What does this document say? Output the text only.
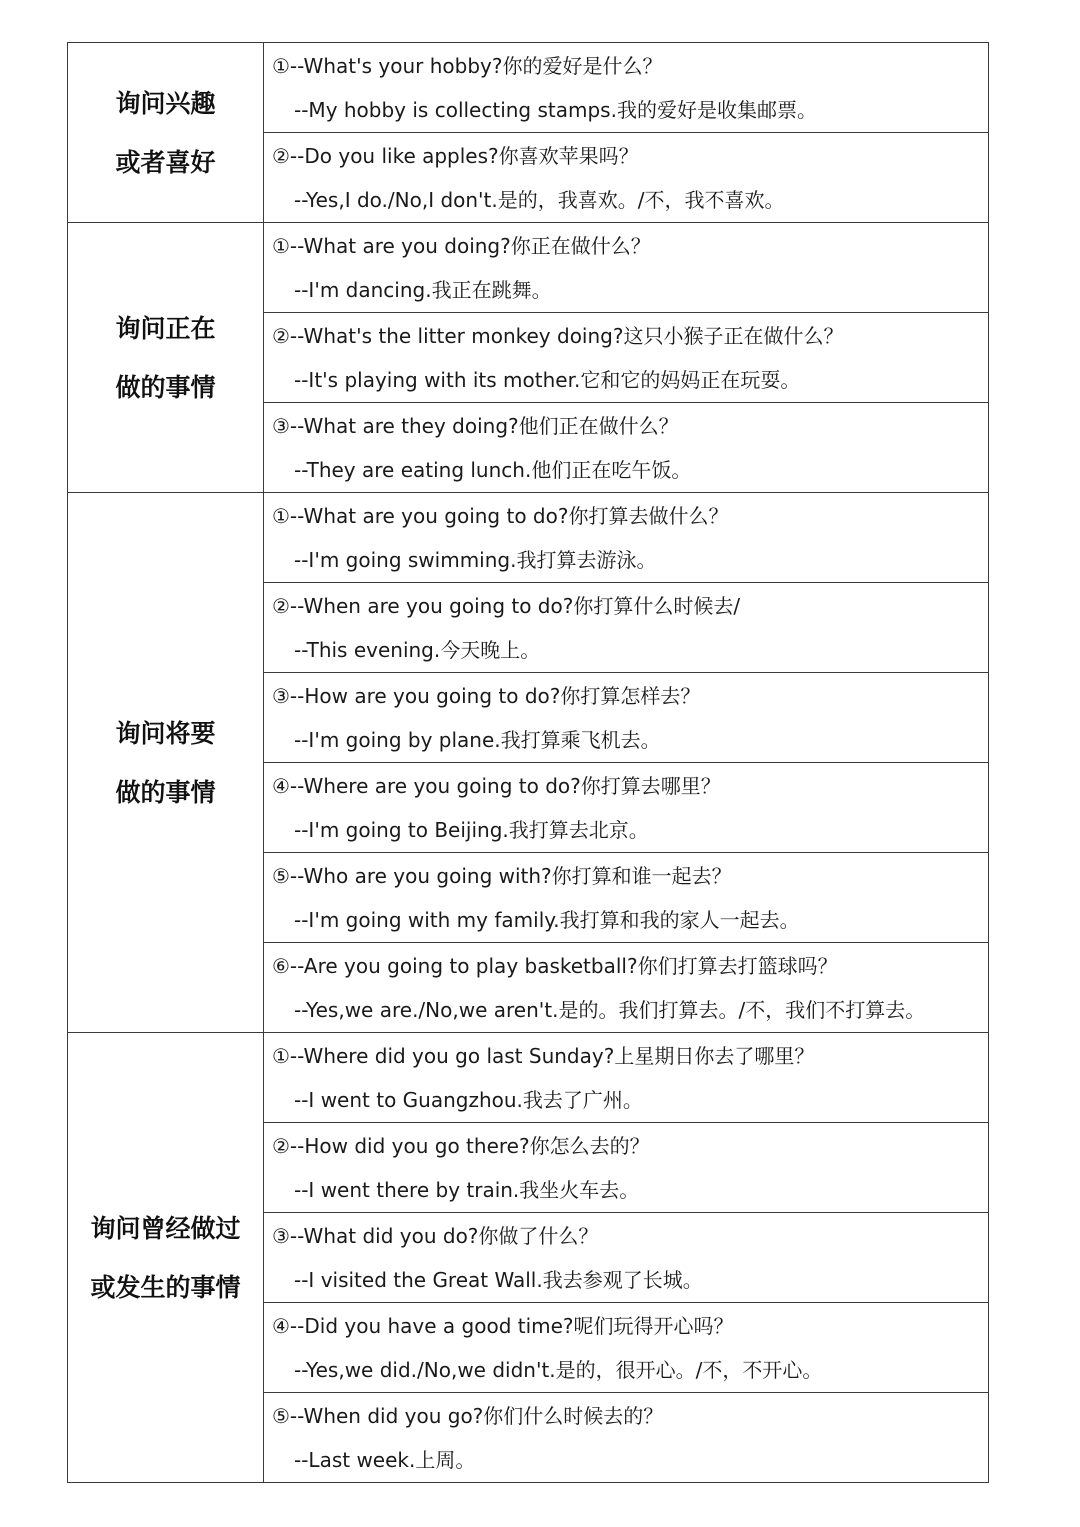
询问兴趣
或者喜好	①--What's your hobby?你的爱好是什么？
--My hobby is collecting stamps.我的爱好是收集邮票。

	②--Do you like apples?你喜欢苹果吗？
--Yes,I do./No,I don't.是的，我喜欢。/不，我不喜欢。

询问正在
做的事情	①--What are you doing?你正在做什么？
--I'm dancing.我正在跳舞。

	②--What's the litter monkey doing?这只小猴子正在做什么？
--It's playing with its mother.它和它的妈妈正在玩耍。

	③--What are they doing?他们正在做什么？
--They are eating lunch.他们正在吃午饭。

询问将要
做的事情	①--What are you going to do?你打算去做什么？
--I'm going swimming.我打算去游泳。

	②--When are you going to do?你打算什么时候去/
--This evening.今天晚上。

	③--How are you going to do?你打算怎样去？
--I'm going by plane.我打算乘飞机去。

	④--Where are you going to do?你打算去哪里？
--I'm going to Beijing.我打算去北京。

	⑤--Who are you going with?你打算和谁一起去？
--I'm going with my family.我打算和我的家人一起去。

	⑥--Are you going to play basketball?你们打算去打篮球吗？
--Yes,we are./No,we aren't.是的。我们打算去。/不，我们不打算去。

询问曾经做过
或发生的事情	①--Where did you go last Sunday?上星期日你去了哪里？
--I went to Guangzhou.我去了广州。

	②--How did you go there?你怎么去的？
--I went there by train.我坐火车去。

	③--What did you do?你做了什么？
--I visited the Great Wall.我去参观了长城。

	④--Did you have a good time?呢们玩得开心吗？
--Yes,we did./No,we didn't.是的，很开心。/不，不开心。

	⑤--When did you go?你们什么时候去的？
--Last week.上周。
